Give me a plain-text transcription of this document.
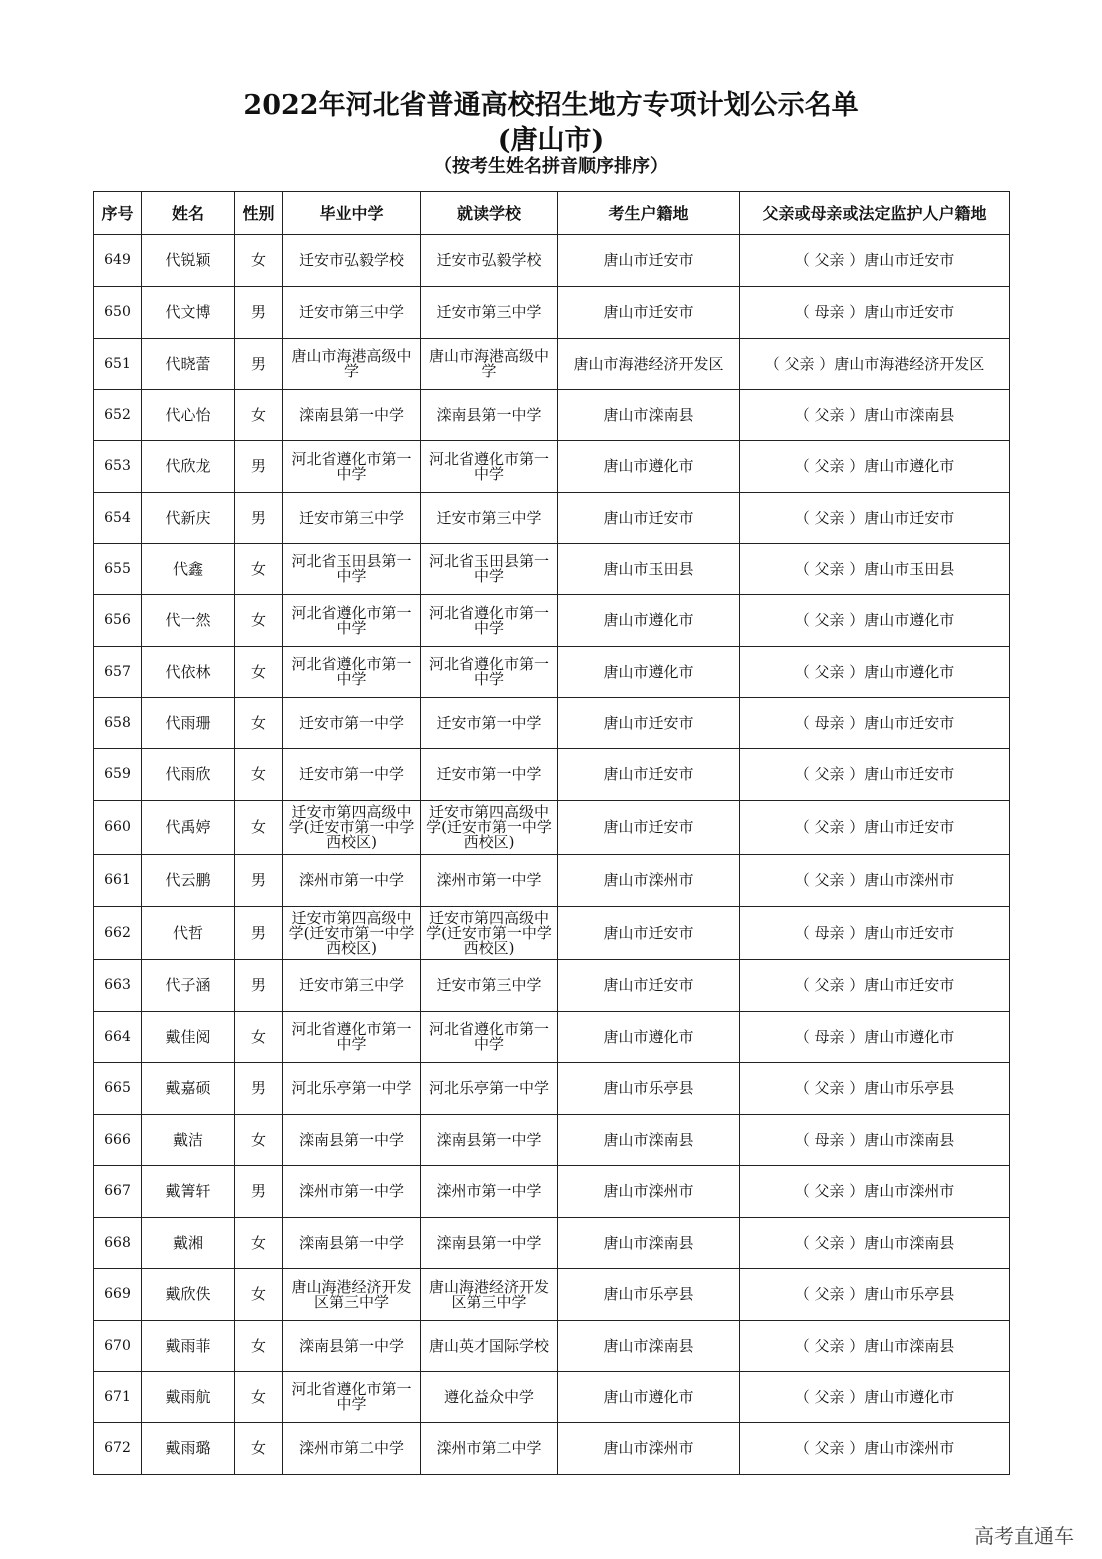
2022年河北省普通高校招生地方专项计划公示名单
(唐山市)
（按考生姓名拼音顺序排序）
序号	姓名	性别	毕业中学	就读学校	考生户籍地	父亲或母亲或法定监护人户籍地
649	代锐颖	女	迁安市弘毅学校	迁安市弘毅学校	唐山市迁安市	（ 父亲 ）唐山市迁安市
650	代文博	男	迁安市第三中学	迁安市第三中学	唐山市迁安市	（ 母亲 ）唐山市迁安市
651	代晓蕾	男	唐山市海港高级中学	唐山市海港高级中学	唐山市海港经济开发区	（ 父亲 ）唐山市海港经济开发区
652	代心怡	女	滦南县第一中学	滦南县第一中学	唐山市滦南县	（ 父亲 ）唐山市滦南县
653	代欣龙	男	河北省遵化市第一中学	河北省遵化市第一中学	唐山市遵化市	（ 父亲 ）唐山市遵化市
654	代新庆	男	迁安市第三中学	迁安市第三中学	唐山市迁安市	（ 父亲 ）唐山市迁安市
655	代鑫	女	河北省玉田县第一中学	河北省玉田县第一中学	唐山市玉田县	（ 父亲 ）唐山市玉田县
656	代一然	女	河北省遵化市第一中学	河北省遵化市第一中学	唐山市遵化市	（ 父亲 ）唐山市遵化市
657	代依林	女	河北省遵化市第一中学	河北省遵化市第一中学	唐山市遵化市	（ 父亲 ）唐山市遵化市
658	代雨珊	女	迁安市第一中学	迁安市第一中学	唐山市迁安市	（ 母亲 ）唐山市迁安市
659	代雨欣	女	迁安市第一中学	迁安市第一中学	唐山市迁安市	（ 父亲 ）唐山市迁安市
660	代禹婷	女	迁安市第四高级中学(迁安市第一中学西校区)	迁安市第四高级中学(迁安市第一中学西校区)	唐山市迁安市	（ 父亲 ）唐山市迁安市
661	代云鹏	男	滦州市第一中学	滦州市第一中学	唐山市滦州市	（ 父亲 ）唐山市滦州市
662	代哲	男	迁安市第四高级中学(迁安市第一中学西校区)	迁安市第四高级中学(迁安市第一中学西校区)	唐山市迁安市	（ 母亲 ）唐山市迁安市
663	代子涵	男	迁安市第三中学	迁安市第三中学	唐山市迁安市	（ 父亲 ）唐山市迁安市
664	戴佳阅	女	河北省遵化市第一中学	河北省遵化市第一中学	唐山市遵化市	（ 母亲 ）唐山市遵化市
665	戴嘉硕	男	河北乐亭第一中学	河北乐亭第一中学	唐山市乐亭县	（ 父亲 ）唐山市乐亭县
666	戴洁	女	滦南县第一中学	滦南县第一中学	唐山市滦南县	（ 母亲 ）唐山市滦南县
667	戴箐轩	男	滦州市第一中学	滦州市第一中学	唐山市滦州市	（ 父亲 ）唐山市滦州市
668	戴湘	女	滦南县第一中学	滦南县第一中学	唐山市滦南县	（ 父亲 ）唐山市滦南县
669	戴欣佚	女	唐山海港经济开发区第三中学	唐山海港经济开发区第三中学	唐山市乐亭县	（ 父亲 ）唐山市乐亭县
670	戴雨菲	女	滦南县第一中学	唐山英才国际学校	唐山市滦南县	（ 父亲 ）唐山市滦南县
671	戴雨航	女	河北省遵化市第一中学	遵化益众中学	唐山市遵化市	（ 父亲 ）唐山市遵化市
672	戴雨璐	女	滦州市第二中学	滦州市第二中学	唐山市滦州市	（ 父亲 ）唐山市滦州市
高考直通车
